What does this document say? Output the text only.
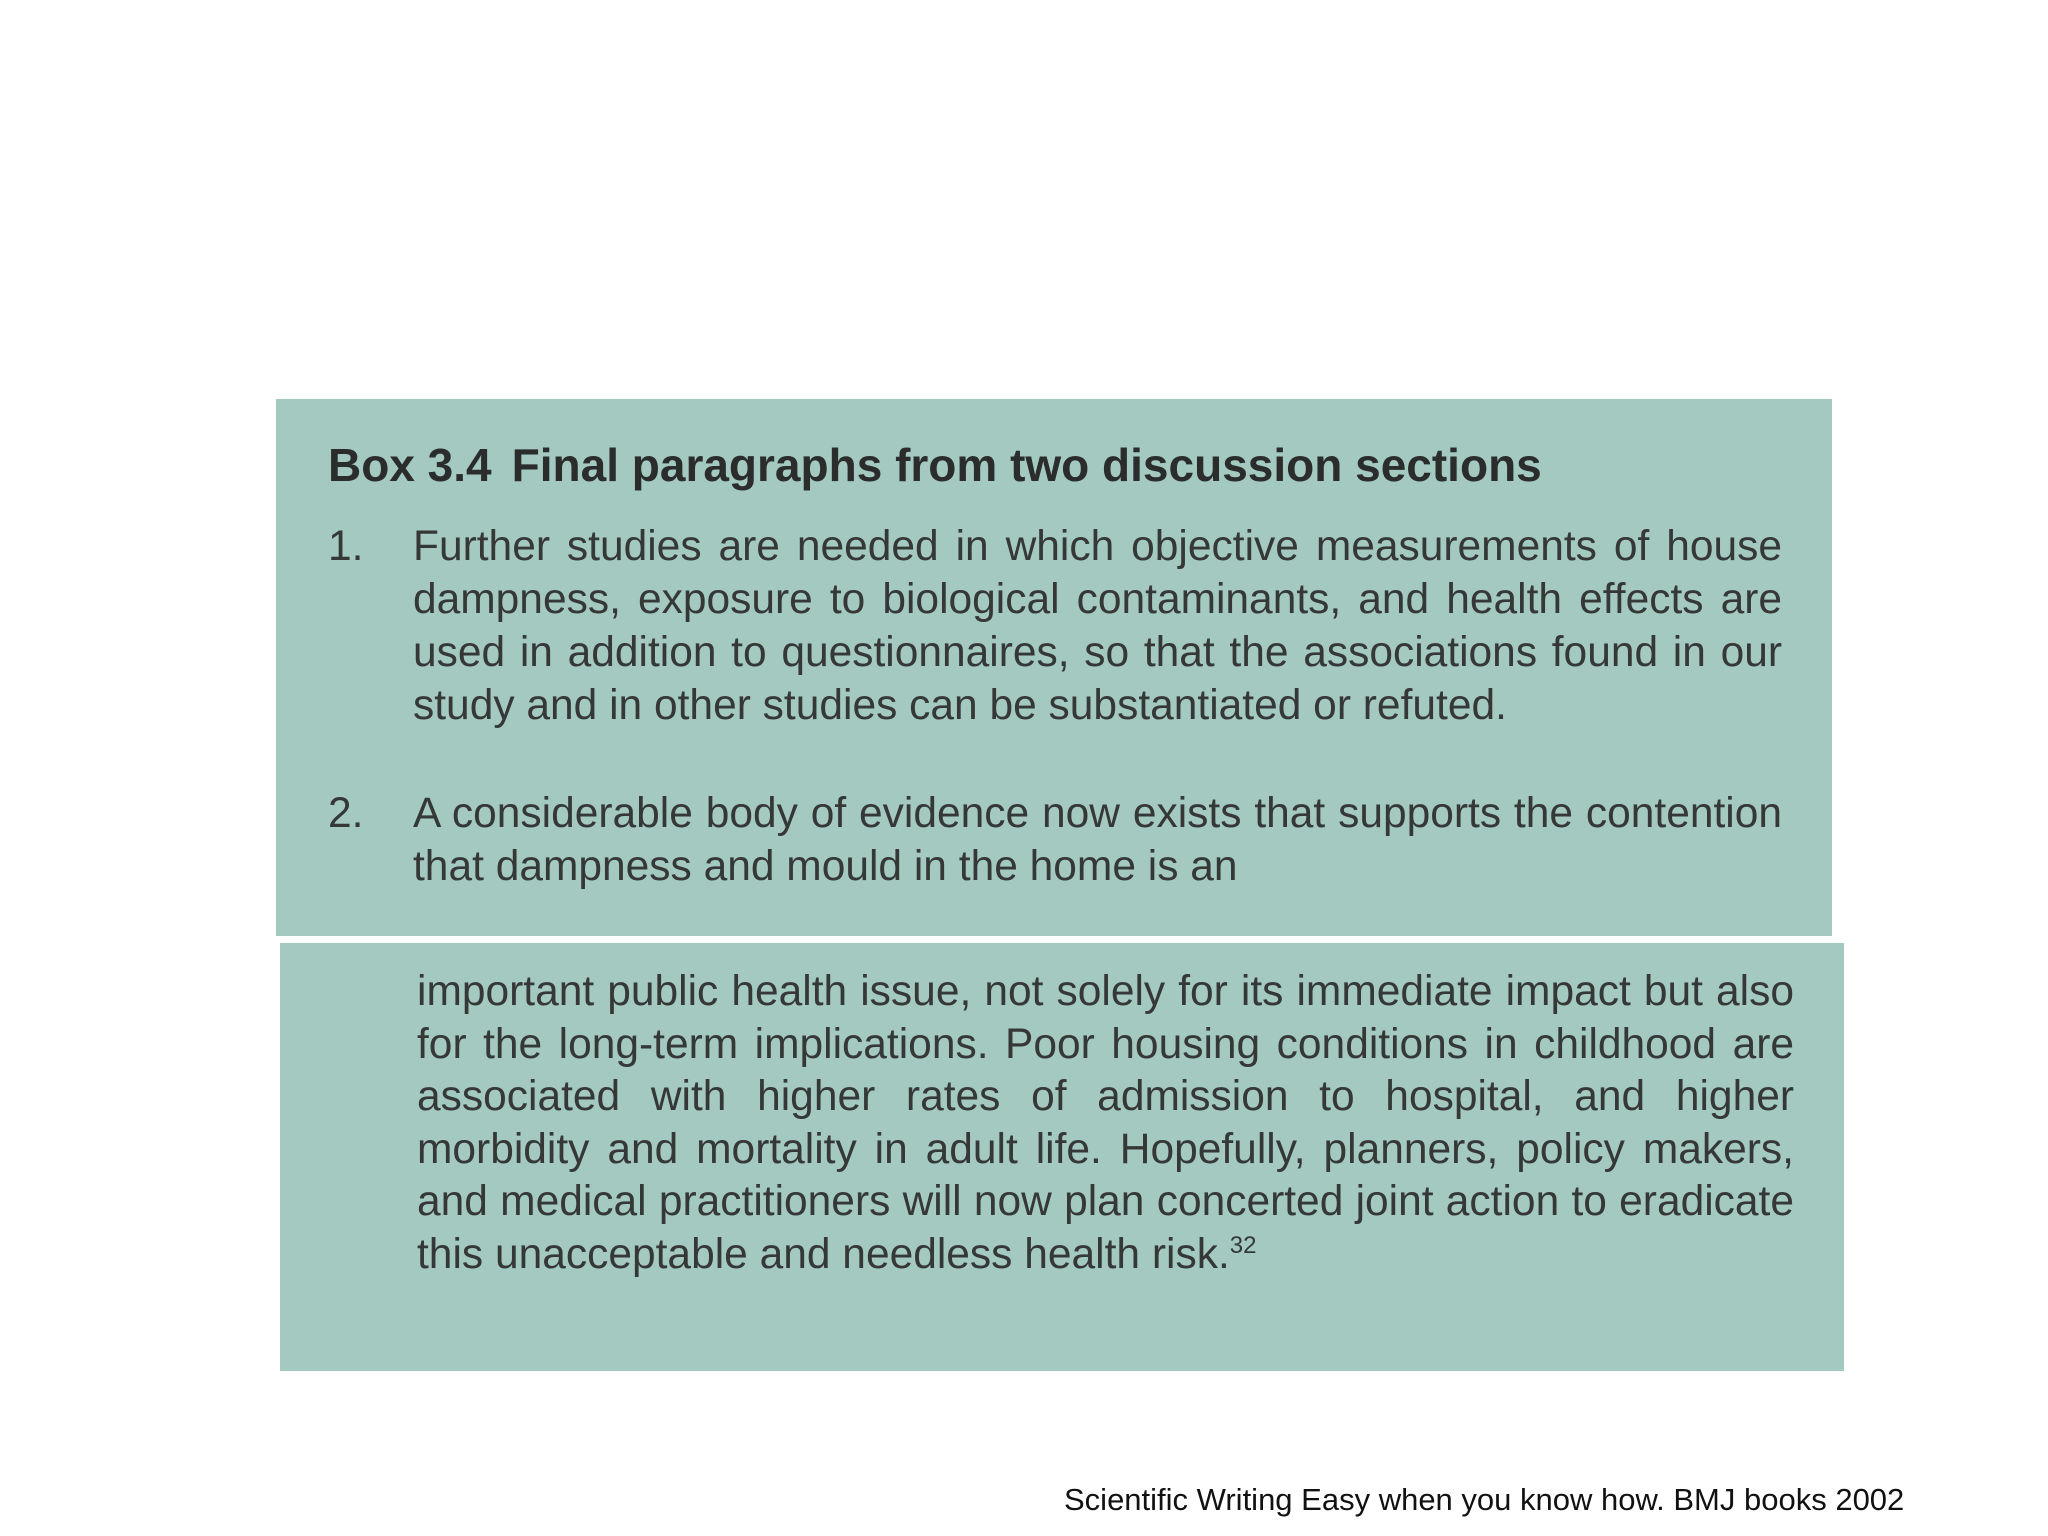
Box 3.4 Final paragraphs from two discussion sections
1. Further studies are needed in which objective measurements of house dampness, exposure to biological contaminants, and health effects are used in addition to questionnaires, so that the associations found in our study and in other studies can be substantiated or refuted.
2. A considerable body of evidence now exists that supports the contention that dampness and mould in the home is an
important public health issue, not solely for its immediate impact but also for the long-term implications. Poor housing conditions in childhood are associated with higher rates of admission to hospital, and higher morbidity and mortality in adult life. Hopefully, planners, policy makers, and medical practitioners will now plan concerted joint action to eradicate this unacceptable and needless health risk.$^{32}$
Scientific Writing Easy when you know how. BMJ books 2002
